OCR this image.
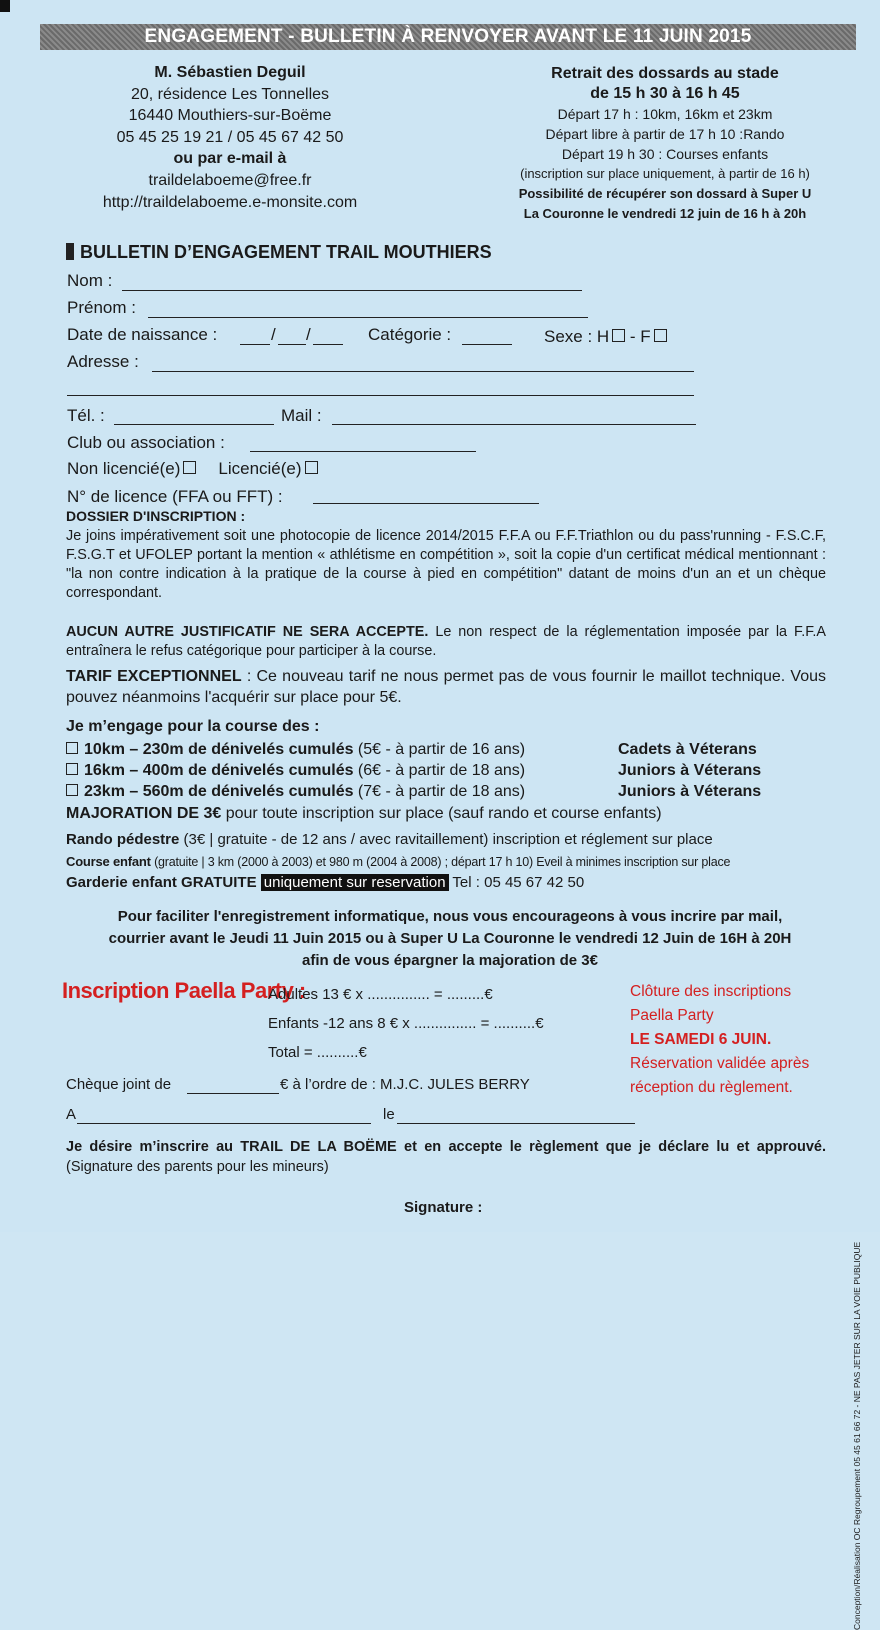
ENGAGEMENT - BULLETIN À RENVOYER AVANT LE 11 JUIN 2015
M. Sébastien Deguil
20, résidence Les Tonnelles
16440 Mouthiers-sur-Boëme
05 45 25 19 21 / 05 45 67 42 50
ou par e-mail à
traildelaboeme@free.fr
http://traildelaboeme.e-monsite.com
Retrait des dossards au stade
de 15 h 30 à 16 h 45
Départ 17 h : 10km, 16km et 23km
Départ libre à partir de 17 h 10 :Rando
Départ 19 h 30 : Courses enfants
(inscription sur place uniquement, à partir de 16 h)
Possibilité de récupérer son dossard à Super U
La Couronne le vendredi 12 juin de 16 h à 20h
BULLETIN D’ENGAGEMENT TRAIL MOUTHIERS
Nom :
Prénom :
Date de naissance :	/ /	Catégorie :	Sexe : H - F
Adresse :
Tél. :	Mail :
Club ou association :
Non licencié(e) Licencié(e)
N° de licence (FFA ou FFT) :
DOSSIER D'INSCRIPTION :
Je joins impérativement soit une photocopie de licence 2014/2015 F.F.A ou F.F.Triathlon ou du pass'running - F.S.C.F, F.S.G.T et UFOLEP portant la mention « athlétisme en compétition », soit la copie d'un certificat médical mentionnant : "la non contre indication à la pratique de la course à pied en compétition" datant de moins d'un an et un chèque correspondant.
AUCUN AUTRE JUSTIFICATIF NE SERA ACCEPTE. Le non respect de la réglementation imposée par la F.F.A entraînera le refus catégorique pour participer à la course.
TARIF EXCEPTIONNEL : Ce nouveau tarif ne nous permet pas de vous fournir le maillot technique. Vous pouvez néanmoins l'acquérir sur place pour 5€.
Je m’engage pour la course des :
10km – 230m de dénivelés cumulés (5€ - à partir de 16 ans)	Cadets à Véterans
16km – 400m de dénivelés cumulés (6€ - à partir de 18 ans)	Juniors à Véterans
23km – 560m de dénivelés cumulés (7€ - à partir de 18 ans)	Juniors à Véterans
MAJORATION DE 3€ pour toute inscription sur place (sauf rando et course enfants)
Rando pédestre (3€ | gratuite - de 12 ans / avec ravitaillement) inscription et réglement sur place
Course enfant (gratuite | 3 km (2000 à 2003) et 980 m (2004 à 2008) ; départ 17 h 10) Eveil à minimes inscription sur place
Garderie enfant GRATUITE uniquement sur reservation Tel : 05 45 67 42 50
Pour faciliter l'enregistrement informatique, nous vous encourageons à vous incrire par mail,
courrier avant le Jeudi 11 Juin 2015 ou à Super U La Couronne le vendredi 12 Juin de 16H à 20H
afin de vous épargner la majoration de 3€
Inscription Paella Party :
Adultes 13 € x ............... = .........€
Enfants -12 ans 8 € x ............... = ..........€
Total = ..........€
Clôture des inscriptions
Paella Party
LE SAMEDI 6 JUIN.
Réservation validée après
réception du règlement.
Chèque joint de	€ à l’ordre de : M.J.C. JULES BERRY
A	le
Je désire m’inscrire au TRAIL DE LA BOËME et en accepte le règlement que je déclare lu et approuvé. (Signature des parents pour les mineurs)
Signature :
Conception/Réalisation OC Regroupement 05 45 61 66 72 - NE PAS JETER SUR LA VOIE PUBLIQUE
